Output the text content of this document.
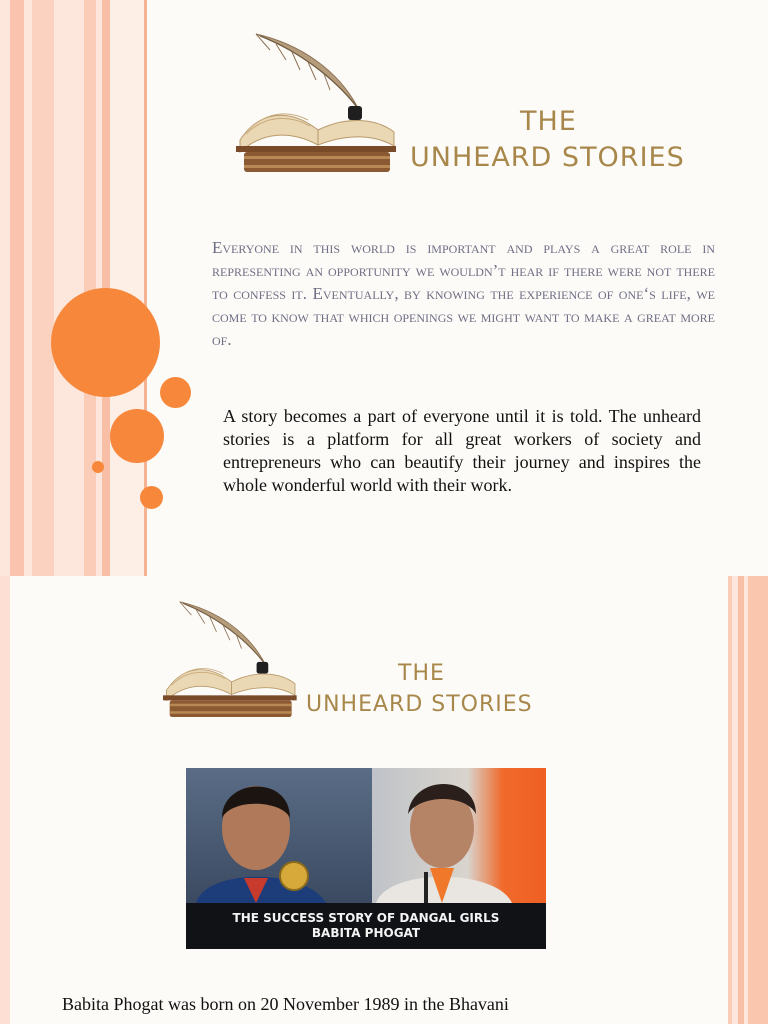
THE
UNHEARD STORIES
Everyone in this world is important and plays a great role in representing an opportunity we wouldn’t hear if there were not there to confess it. Eventually, by knowing the experience of one‘s life, we come to know that which openings we might want to make a great more of.
A story becomes a part of everyone until it is told. The unheard stories is a platform for all great workers of society and entrepreneurs who can beautify their journey and inspires the whole wonderful world with their work.
THE
UNHEARD STORIES
THE SUCCESS STORY OF DANGAL GIRLS
BABITA PHOGAT
Babita Phogat was born on 20 November 1989 in the Bhavani
